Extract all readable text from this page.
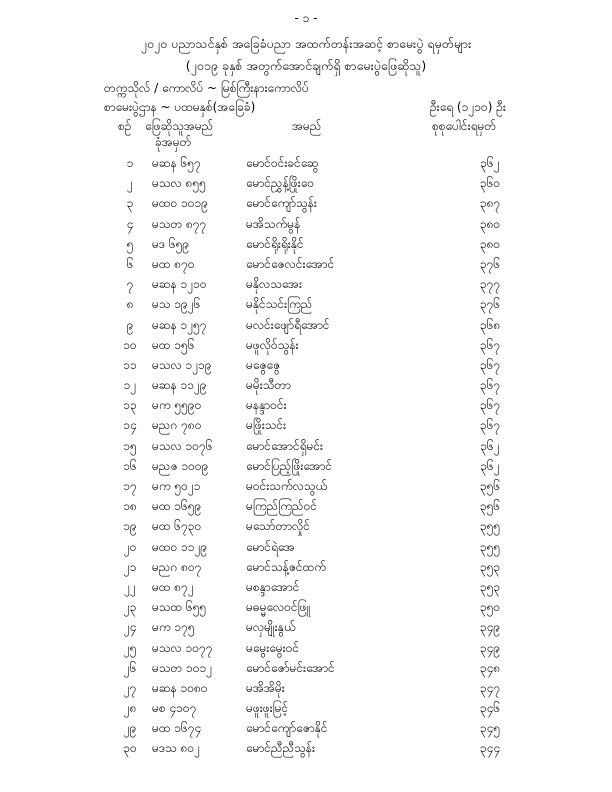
- ၁ -
၂၀၂၀ ပညာသင်နှစ် အခြေခံပညာ အထက်တန်းအဆင့် စာမေးပွဲ ရမှတ်များ
(၂၀၁၉ ခုနှစ် အတွက်အောင်ချက်ရှိ စာမေးပွဲဖြေဆိုသူ)
တက္ကသိုလ် / ကောလိပ် ~ မြစ်ကြီးနားကောလိပ်
စာမေးပွဲဌာန ~ ပထမနှစ်(အခြေခံ)	ဦးရေ (၁၂၁၀) ဦး
စဉ် ဖြေဆိုသူအမည်
ခုံအမှတ်
အမည်	စုစုပေါင်းရမှတ်
၁	မဆန ၆၅၇	မောင်ဝင်းခင်ဆွေ	၃၆၂
၂	မသလ ၈၅၅	မောင်ညွှန့်ဖြိုးဝေ	၃၆၀
၃	မထဝ ၁၀၁၉	မောင်ကျော်သွန်း	၃၈၇
၄	မသတ ၈၇၇	မအိသက်မွန်	၃၈၀
၅	မဒ ၆၅၉	မောင်ရိုးရိုးနိုင်	၃၈၀
၆	မထ ၈၇၀	မောင်ဇေလင်းအောင်	၃၇၆
၇	မဆန ၁၂၁၀	မနိုလသအေး	၃၇၇
၈	မသ ၁၉၂၆	မနိုင်သင်းကြည်	၃၇၆
၉	မဆန ၁၂၅၇	မလင်းဖျော်ရီအောင်	၃၆၈
၁၀	မထ ၁၅၆	မဖူလိုဝ်သွန်း	၃၆၇
၁၁	မသလ ၁၂၁၉	မဇွေဇွေ	၃၆၇
၁၂	မဆန ၁၁၂၉	မမိုးသီတာ	၃၆၇
၁၃	မက ၅၅၉၀	မနန္ဒာဝင်း	၃၆၇
၁၄	မညဂ ၇၈၀	မဖြိုးသင်း	၃၆၇
၁၅	မသလ ၁၀၇၆	မောင်အောင်ရှိမင်း	၃၆၂
၁၆	မညဇ ၁၀၀၉	မောင်ပြည့်ဖြိုးအောင်	၃၆၂
၁၇	မက ၅၀၂၁	မဝင်းသက်လသွယ်	၃၅၆
၁၈	မထ ၁၆၅၉	မကြည်ကြည်ဝင်	၃၅၆
၁၉	မထ ၆၇၃၀	မသော်တာလှိုင်	၃၅၅
၂၀	မထဝ ၁၁၂၉	မောင်ရဲအေ	၃၅၅
၂၁	မညဂ ၈၀၇	မောင်သန့်ဇင်ထက်	၃၅၃
၂၂	မထ ၈၇၂	မစန္ဒာအောင်	၃၅၃
၂၃	မသထ ၆၅၅	မဓမ္မလေဝင်ဖြူ	၃၅၀
၂၄	မက ၁၇၅	မလှမျိုးနွယ်	၃၄၉
၂၅	မသလ ၁၀၇၇	မမွေးမွေးဝင်	၃၄၉
၂၆	မသတ ၁၀၁၂	မောင်ဇော်မင်းအောင်	၃၄၈
၂၇	မဆန ၁၀၈၀	မအိအိမိုး	၃၄၇
၂၈	မစ ၄၁၀၇	မဖူးဖူးမြင့်	၃၄၆
၂၉	မထ ၁၆၇၄	မောင်ကျော်ဇောနိုင်	၃၄၅
၃၀	မဒသ ၈၀၂	မောင်ညီညီသွန်း	၃၄၄
